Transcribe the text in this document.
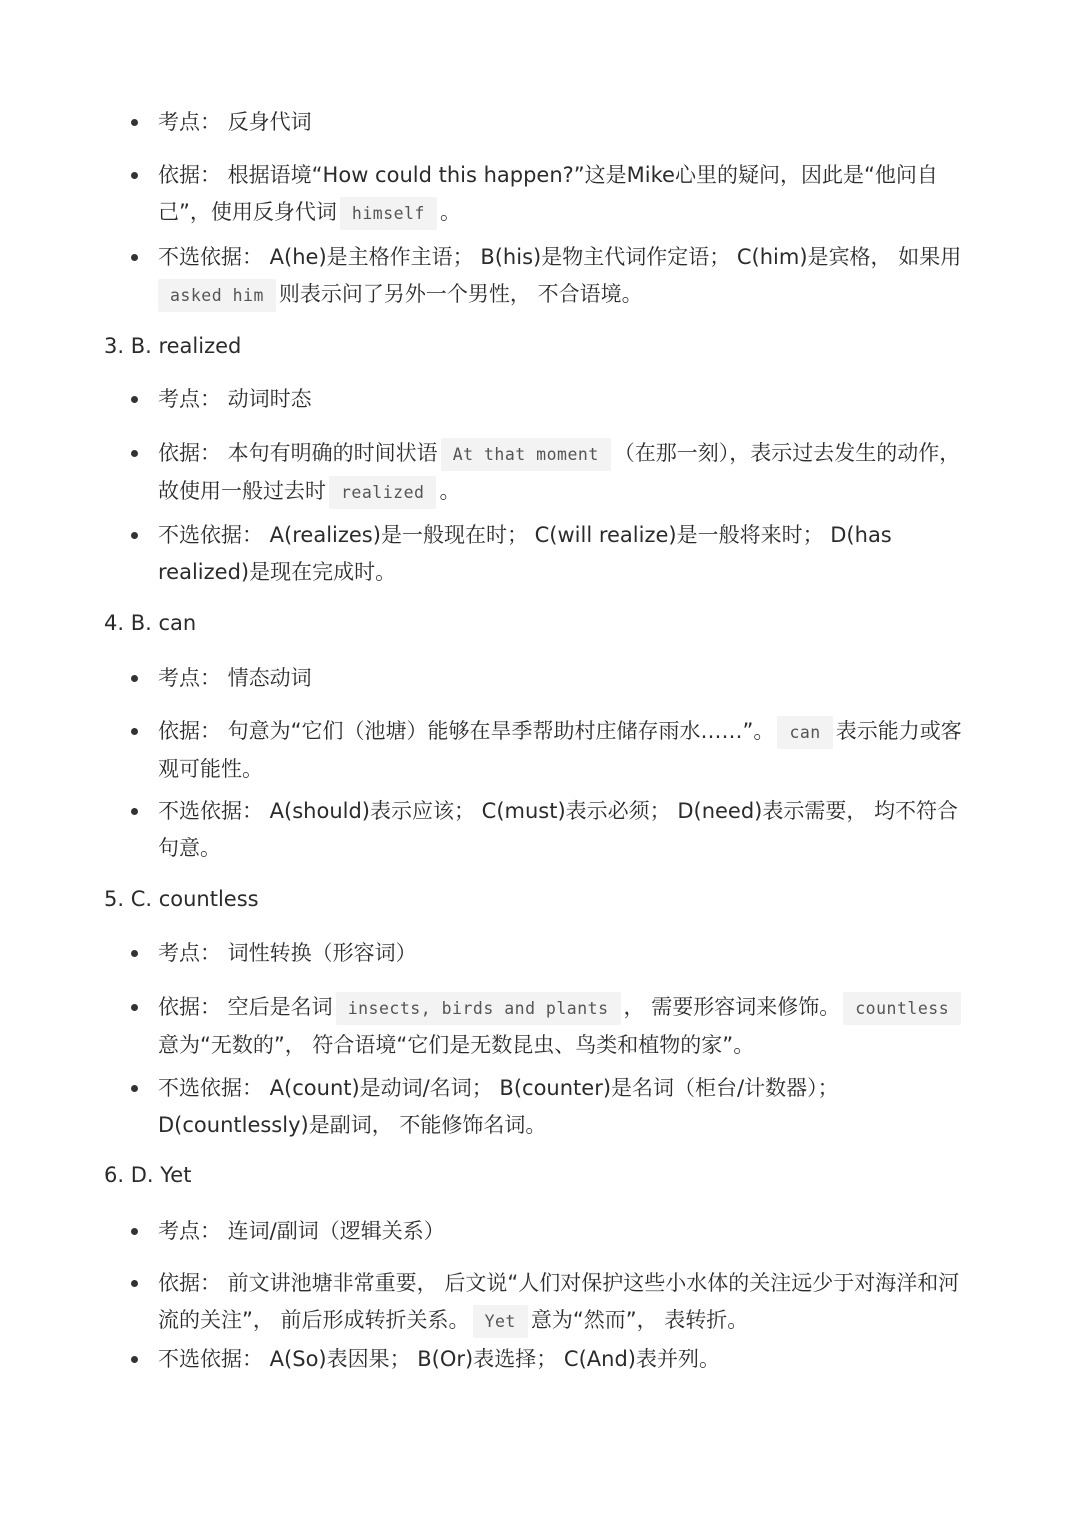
考点： 反身代词
依据： 根据语境“How could this happen?”这是Mike心里的疑问，因此是“他问自己”，使用反身代词 himself 。
不选依据： A(he)是主格作主语； B(his)是物主代词作定语； C(him)是宾格， 如果用
asked him 则表示问了另外一个男性， 不合语境。
3. B. realized
考点： 动词时态
依据： 本句有明确的时间状语 At that moment （在那一刻），表示过去发生的动作，故使用一般过去时 realized 。
不选依据： A(realizes)是一般现在时； C(will realize)是一般将来时； D(has realized)是现在完成时。
4. B. can
考点： 情态动词
依据： 句意为“它们（池塘）能够在旱季帮助村庄储存雨水……”。 can 表示能力或客观可能性。
不选依据： A(should)表示应该； C(must)表示必须； D(need)表示需要， 均不符合句意。
5. C. countless
考点： 词性转换（形容词）
依据： 空后是名词 insects, birds and plants ， 需要形容词来修饰。 countless
意为“无数的”， 符合语境“它们是无数昆虫、鸟类和植物的家”。
不选依据： A(count)是动词/名词； B(counter)是名词（柜台/计数器）； D(countlessly)是副词， 不能修饰名词。
6. D. Yet
考点： 连词/副词（逻辑关系）
依据： 前文讲池塘非常重要， 后文说“人们对保护这些小水体的关注远少于对海洋和河流的关注”， 前后形成转折关系。 Yet 意为“然而”， 表转折。
不选依据： A(So)表因果； B(Or)表选择； C(And)表并列。
